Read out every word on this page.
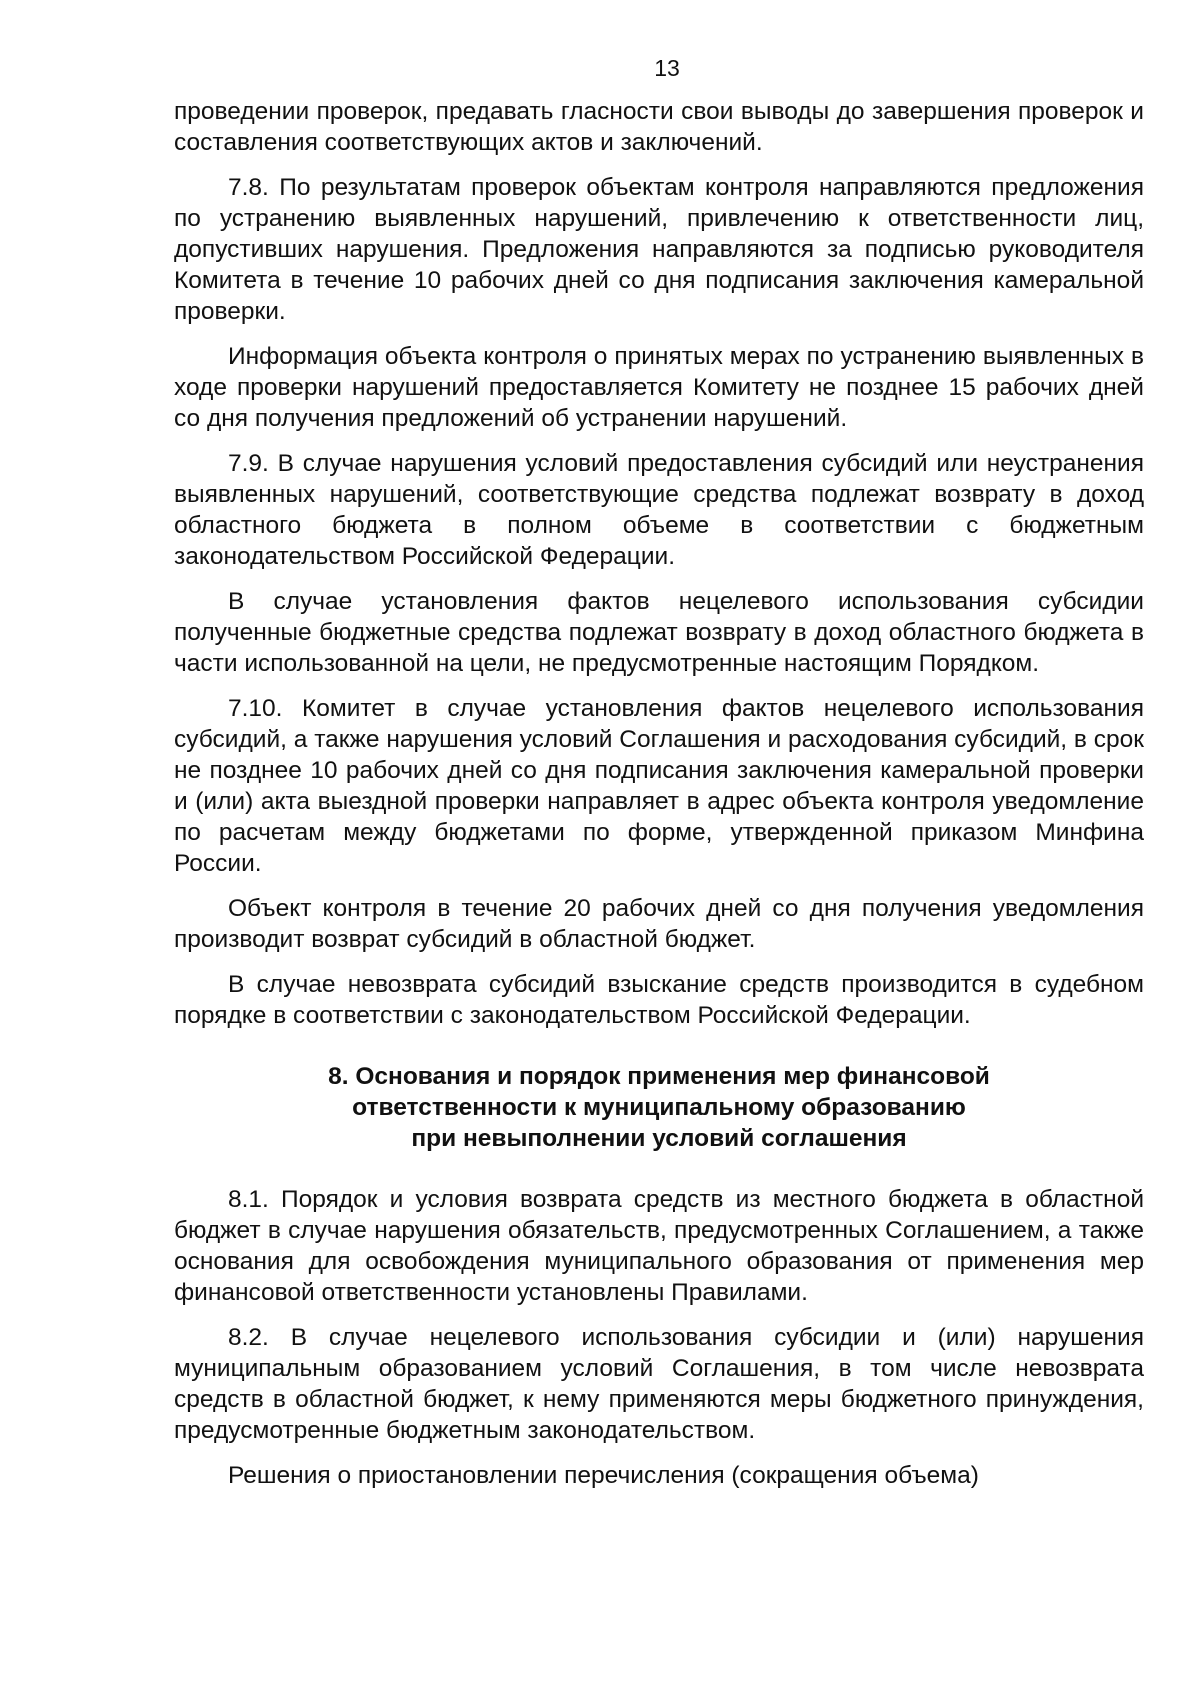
13

проведении проверок, предавать гласности свои выводы до завершения проверок и составления соответствующих актов и заключений.

7.8. По результатам проверок объектам контроля направляются предложения по устранению выявленных нарушений, привлечению к ответственности лиц, допустивших нарушения. Предложения направляются за подписью руководителя Комитета в течение 10 рабочих дней со дня подписания заключения камеральной проверки.

Информация объекта контроля о принятых мерах по устранению выявленных в ходе проверки нарушений предоставляется Комитету не позднее 15 рабочих дней со дня получения предложений об устранении нарушений.

7.9. В случае нарушения условий предоставления субсидий или неустранения выявленных нарушений, соответствующие средства подлежат возврату в доход областного бюджета в полном объеме в соответствии с бюджетным законодательством Российской Федерации.

В случае установления фактов нецелевого использования субсидии полученные бюджетные средства подлежат возврату в доход областного бюджета в части использованной на цели, не предусмотренные настоящим Порядком.

7.10. Комитет в случае установления фактов нецелевого использования субсидий, а также нарушения условий Соглашения и расходования субсидий, в срок не позднее 10 рабочих дней со дня подписания заключения камеральной проверки и (или) акта выездной проверки направляет в адрес объекта контроля уведомление по расчетам между бюджетами по форме, утвержденной приказом Минфина России.

Объект контроля в течение 20 рабочих дней со дня получения уведомления производит возврат субсидий в областной бюджет.

В случае невозврата субсидий взыскание средств производится в судебном порядке в соответствии с законодательством Российской Федерации.

8. Основания и порядок применения мер финансовой
ответственности к муниципальному образованию
при невыполнении условий соглашения

8.1. Порядок и условия возврата средств из местного бюджета в областной бюджет в случае нарушения обязательств, предусмотренных Соглашением, а также основания для освобождения муниципального образования от применения мер финансовой ответственности установлены Правилами.

8.2. В случае нецелевого использования субсидии и (или) нарушения муниципальным образованием условий Соглашения, в том числе невозврата средств в областной бюджет, к нему применяются меры бюджетного принуждения, предусмотренные бюджетным законодательством.

Решения о приостановлении перечисления (сокращения объема)
